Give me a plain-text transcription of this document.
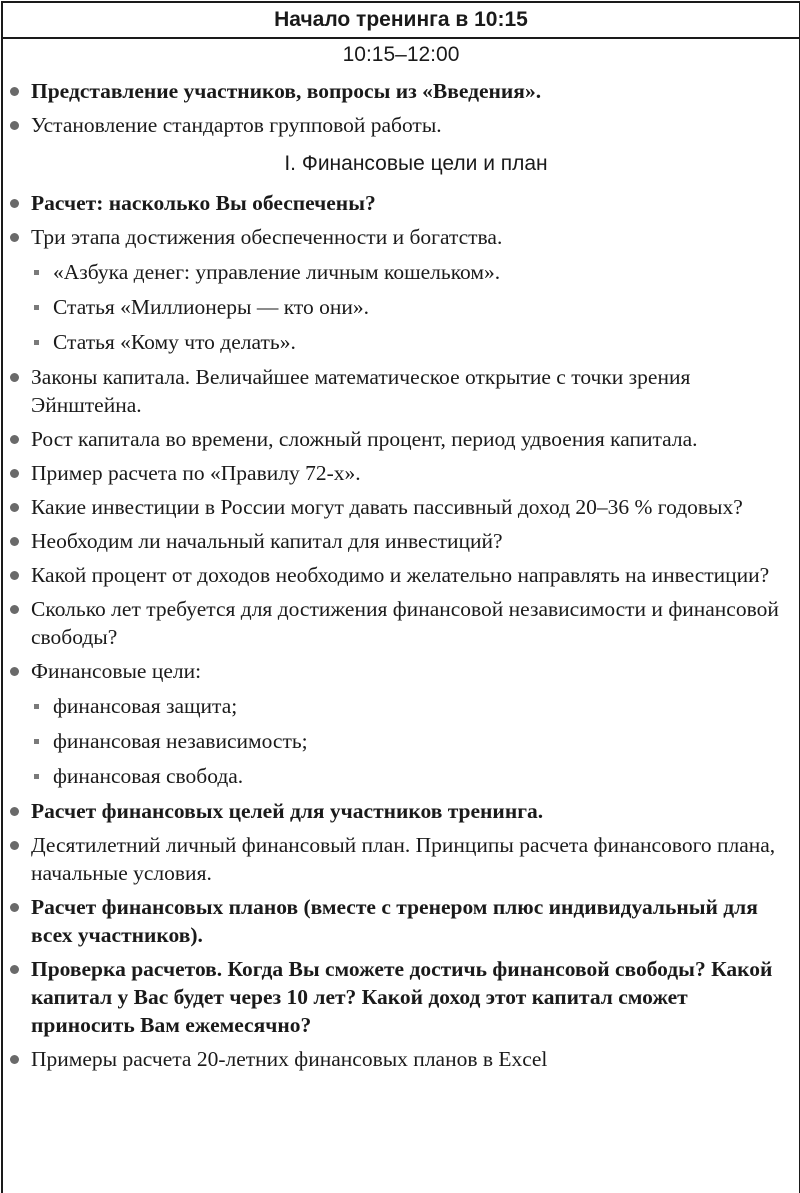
Начало тренинга в 10:15
10:15–12:00
Представление участников, вопросы из «Введения».
Установление стандартов групповой работы.
I. Финансовые цели и план
Расчет: насколько Вы обеспечены?
Три этапа достижения обеспеченности и богатства.
«Азбука денег: управление личным кошельком».
Статья «Миллионеры — кто они».
Статья «Кому что делать».
Законы капитала. Величайшее математическое открытие с точки зрения Эйнштейна.
Рост капитала во времени, сложный процент, период удвоения капитала.
Пример расчета по «Правилу 72-х».
Какие инвестиции в России могут давать пассивный доход 20–36 % годовых?
Необходим ли начальный капитал для инвестиций?
Какой процент от доходов необходимо и желательно направлять на инвестиции?
Сколько лет требуется для достижения финансовой независимости и финансовой свободы?
Финансовые цели:
финансовая защита;
финансовая независимость;
финансовая свобода.
Расчет финансовых целей для участников тренинга.
Десятилетний личный финансовый план. Принципы расчета финансового плана, начальные условия.
Расчет финансовых планов (вместе с тренером плюс индивидуальный для всех участников).
Проверка расчетов. Когда Вы сможете достичь финансовой свободы? Какой капитал у Вас будет через 10 лет? Какой доход этот капитал сможет приносить Вам ежемесячно?
Примеры расчета 20-летних финансовых планов в Excel
